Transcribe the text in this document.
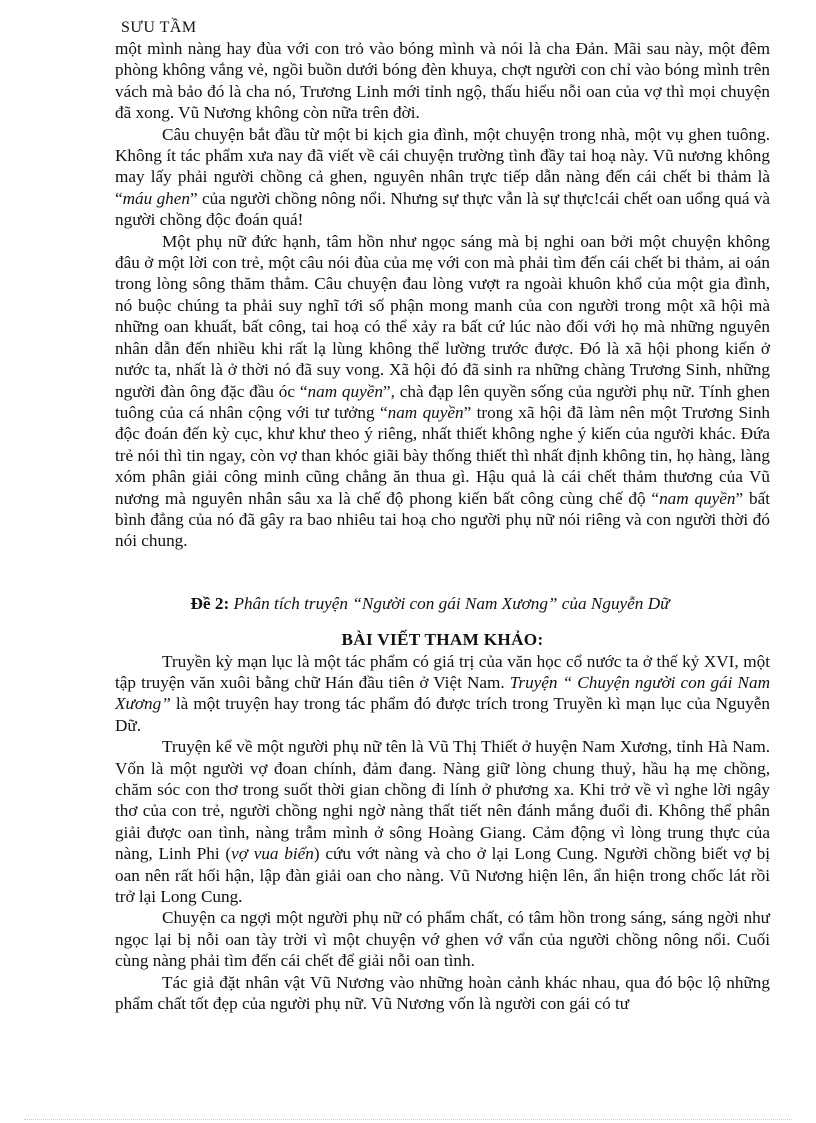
SƯU TẦM

một mình nàng hay đùa với con trỏ vào bóng mình và nói là cha Đản. Mãi sau này, một đêm phòng không vắng vẻ, ngồi buồn dưới bóng đèn khuya, chợt người con chỉ vào bóng mình trên vách mà bảo đó là cha nó, Trương Linh mới tỉnh ngộ, thấu hiểu nỗi oan của vợ thì mọi chuyện đã xong. Vũ Nương không còn nữa trên đời.

Câu chuyện bắt đầu từ một bi kịch gia đình, một chuyện trong nhà, một vụ ghen tuông. Không ít tác phẩm xưa nay đã viết về cái chuyện trường tình đầy tai hoạ này. Vũ nương không may lấy phải người chồng cả ghen, nguyên nhân trực tiếp dẫn nàng đến cái chết bi thảm là “máu ghen” của người chồng nông nổi. Nhưng sự thực vẫn là sự thực!cái chết oan uổng quá và người chồng độc đoán quá!

Một phụ nữ đức hạnh, tâm hồn như ngọc sáng mà bị nghi oan bởi một chuyện không đâu ở một lời con trẻ, một câu nói đùa của mẹ với con mà phải tìm đến cái chết bi thảm, ai oán trong lòng sông thăm thẳm. Câu chuyện đau lòng vượt ra ngoài khuôn khổ của một gia đình, nó buộc chúng ta phải suy nghĩ tới số phận mong manh của con người trong một xã hội mà những oan khuất, bất công, tai hoạ có thể xảy ra bất cứ lúc nào đối với họ mà những nguyên nhân dẫn đến nhiều khi rất lạ lùng không thể lường trước được. Đó là xã hội phong kiến ở nước ta, nhất là ở thời nó đã suy vong. Xã hội đó đã sinh ra những chàng Trương Sinh, những người đàn ông đặc đầu óc “nam quyền”, chà đạp lên quyền sống của người phụ nữ. Tính ghen tuông của cá nhân cộng với tư tưởng “nam quyền” trong xã hội đã làm nên một Trương Sinh độc đoán đến kỳ cục, khư khư theo ý riêng, nhất thiết không nghe ý kiến của người khác. Đứa trẻ nói thì tin ngay, còn vợ than khóc giãi bày thống thiết thì nhất định không tin, họ hàng, làng xóm phân giải công minh cũng chẳng ăn thua gì. Hậu quả là cái chết thảm thương của Vũ nương mà nguyên nhân sâu xa là chế độ phong kiến bất công cùng chế độ “nam quyền” bất bình đẳng của nó đã gây ra bao nhiêu tai hoạ cho người phụ nữ nói riêng và con người thời đó nói chung.

Đề 2: Phân tích truyện “Người con gái Nam Xương” của Nguyễn Dữ

BÀI VIẾT THAM KHẢO:

Truyền kỳ mạn lục là một tác phẩm có giá trị của văn học cổ nước ta ở thế kỷ XVI, một tập truyện văn xuôi bằng chữ Hán đầu tiên ở Việt Nam. Truyện “ Chuyện người con gái Nam Xương” là một truyện hay trong tác phẩm đó được trích trong Truyền kì mạn lục của Nguyễn Dữ.

Truyện kể về một người phụ nữ tên là Vũ Thị Thiết ở huyện Nam Xương, tỉnh Hà Nam. Vốn là một người vợ đoan chính, đảm đang. Nàng giữ lòng chung thuỷ, hầu hạ mẹ chồng, chăm sóc con thơ trong suốt thời gian chồng đi lính ở phương xa. Khi trở về vì nghe lời ngây thơ của con trẻ, người chồng nghi ngờ nàng thất tiết nên đánh mắng đuổi đi. Không thể phân giải được oan tình, nàng trẫm mình ở sông Hoàng Giang. Cảm động vì lòng trung thực của nàng, Linh Phi (vợ vua biển) cứu vớt nàng và cho ở lại Long Cung. Người chồng biết vợ bị oan nên rất hối hận, lập đàn giải oan cho nàng. Vũ Nương hiện lên, ẩn hiện trong chốc lát rồi trở lại Long Cung.

Chuyện ca ngợi một người phụ nữ có phẩm chất, có tâm hồn trong sáng, sáng ngời như ngọc lại bị nỗi oan tày trời vì một chuyện vớ ghen vớ vẩn của người chồng nông nổi. Cuối cùng nàng phải tìm đến cái chết để giải nỗi oan tình.

Tác giả đặt nhân vật Vũ Nương vào những hoàn cảnh khác nhau, qua đó bộc lộ những phẩm chất tốt đẹp của người phụ nữ. Vũ Nương vốn là người con gái có tư
